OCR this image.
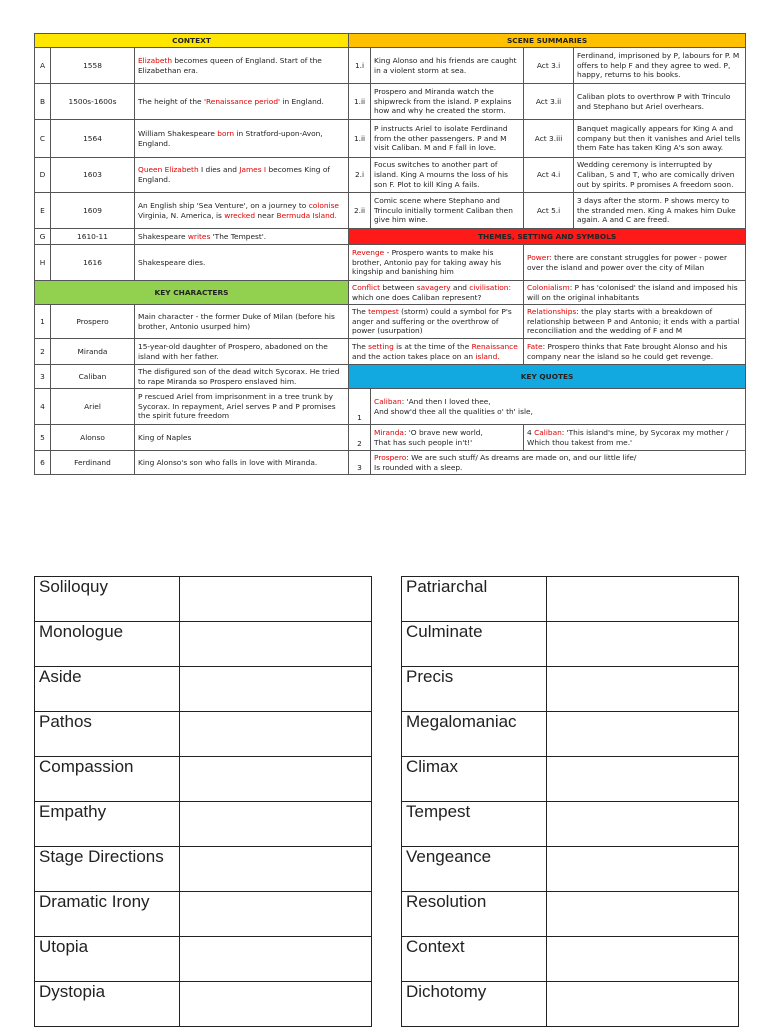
CONTEXT			SCENE SUMMARIES			
A	1558	Elizabeth becomes queen of England. Start of the Elizabethan era.	1.i	King Alonso and his friends are caught in a violent storm at sea.	Act 3.i	Ferdinand, imprisoned by P, labours for P. M offers to help F and they agree to wed. P, happy, returns to his books.
B	1500s-1600s	The height of the 'Renaissance period' in England.	1.ii	Prospero and Miranda watch the shipwreck from the island. P explains how and why he created the storm.	Act 3.ii	Caliban plots to overthrow P with Trinculo and Stephano but Ariel overhears.
C	1564	William Shakespeare born in Stratford-upon-Avon, England.	1.ii	P instructs Ariel to isolate Ferdinand from the other passengers. P and M visit Caliban. M and F fall in love.	Act 3.iii	Banquet magically appears for King A and company but then it vanishes and Ariel tells them Fate has taken King A's son away.
D	1603	Queen Elizabeth I dies and James I becomes King of England.	2.i	Focus switches to another part of island. King A mourns the loss of his son F. Plot to kill King A fails.	Act 4.i	Wedding ceremony is interrupted by Caliban, S and T, who are comically driven out by spirits. P promises A freedom soon.
E	1609	An English ship 'Sea Venture', on a journey to colonise Virginia, N. America, is wrecked near Bermuda Island.	2.ii	Comic scene where Stephano and Trinculo initially torment Caliban then give him wine.	Act 5.i	3 days after the storm. P shows mercy to the stranded men. King A makes him Duke again. A and C are freed.
G	1610-11	Shakespeare writes 'The Tempest'.	THEMES, SETTING AND SYMBOLS			
H	1616	Shakespeare dies.	Revenge - Prospero wants to make his brother, Antonio pay for taking away his kingship and banishing him		Power: there are constant struggles for power - power over the island and power over the city of Milan	
KEY CHARACTERS			Conflict between savagery and civilisation: which one does Caliban represent?		Colonialism: P has 'colonised' the island and imposed his will on the original inhabitants	
1	Prospero	Main character - the former Duke of Milan (before his brother, Antonio usurped him)	The tempest (storm) could a symbol for P's anger and suffering or the overthrow of power (usurpation)		Relationships: the play starts with a breakdown of relationship between P and Antonio; it ends with a partial reconciliation and the wedding of F and M	
2	Miranda	15-year-old daughter of Prospero, abadoned on the island with her father.	The setting is at the time of the Renaissance and the action takes place on an island.		Fate: Prospero thinks that Fate brought Alonso and his company near the island so he could get revenge.	
3	Caliban	The disfigured son of the dead witch Sycorax. He tried to rape Miranda so Prospero enslaved him.	KEY QUOTES			
4	Ariel	P rescued Ariel from imprisonment in a tree trunk by Sycorax. In repayment, Ariel serves P and P promises the spirit future freedom	1	Caliban: 'And then I loved thee,
And show'd thee all the qualities o' th' isle,		
5	Alonso	King of Naples	2	Miranda: 'O brave new world,
That has such people in't!'	4 Caliban: 'This island's mine, by Sycorax my mother /
Which thou takest from me.'	
6	Ferdinand	King Alonso's son who falls in love with Miranda.	3	Prospero: We are such stuff/ As dreams are made on, and our little life/
Is rounded with a sleep.		
Soliloquy	
Monologue	
Aside	
Pathos	
Compassion	
Empathy	
Stage Directions	
Dramatic Irony	
Utopia	
Dystopia	
Patriarchal	
Culminate	
Precis	
Megalomaniac	
Climax	
Tempest	
Vengeance	
Resolution	
Context	
Dichotomy	
